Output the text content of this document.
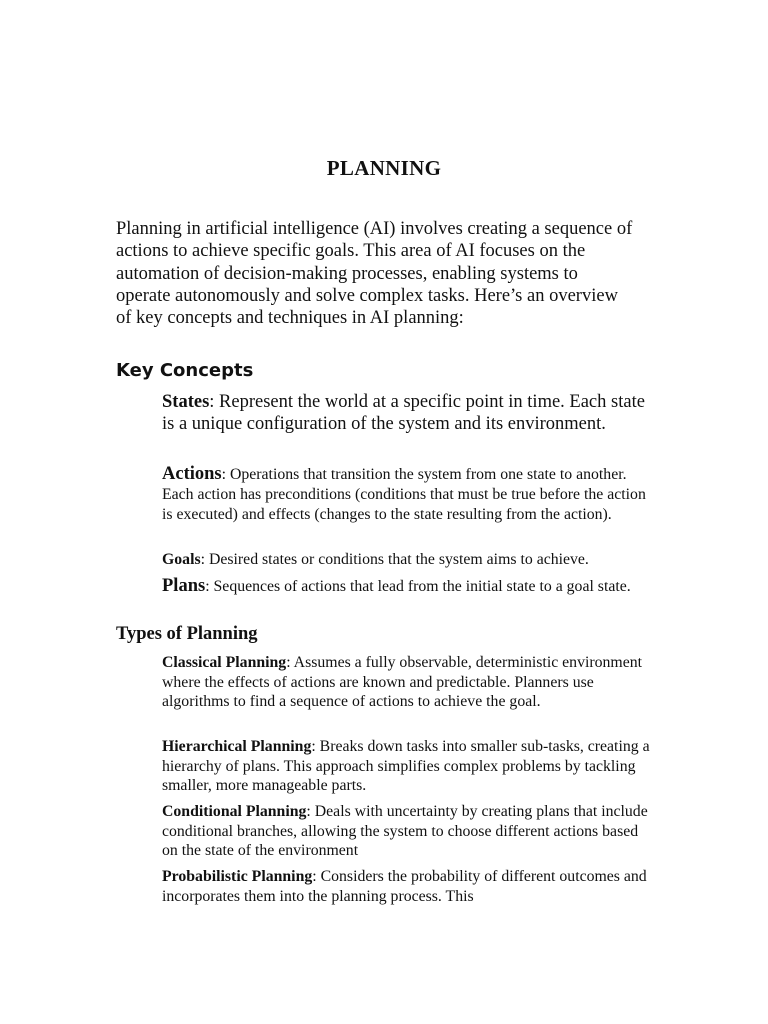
PLANNING

Planning in artificial intelligence (AI) involves creating a sequence of actions to achieve specific goals. This area of AI focuses on the automation of decision-making processes, enabling systems to operate autonomously and solve complex tasks. Here’s an overview of key concepts and techniques in AI planning:

Key Concepts

States: Represent the world at a specific point in time. Each state is a unique configuration of the system and its environment.

Actions: Operations that transition the system from one state to another. Each action has preconditions (conditions that must be true before the action is executed) and effects (changes to the state resulting from the action).

Goals: Desired states or conditions that the system aims to achieve.

Plans: Sequences of actions that lead from the initial state to a goal state.

Types of Planning

Classical Planning: Assumes a fully observable, deterministic environment where the effects of actions are known and predictable. Planners use algorithms to find a sequence of actions to achieve the goal.

Hierarchical Planning: Breaks down tasks into smaller sub-tasks, creating a hierarchy of plans. This approach simplifies complex problems by tackling smaller, more manageable parts.

Conditional Planning: Deals with uncertainty by creating plans that include conditional branches, allowing the system to choose different actions based on the state of the environment

Probabilistic Planning: Considers the probability of different outcomes and incorporates them into the planning process. This
